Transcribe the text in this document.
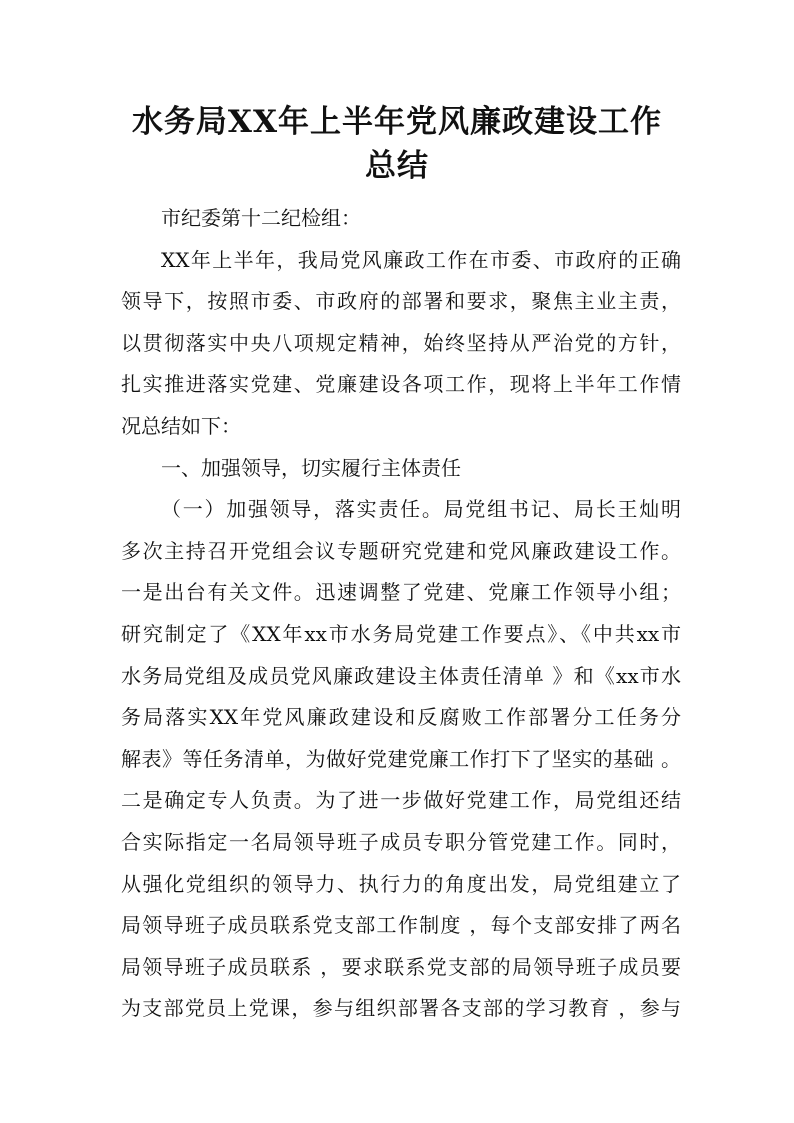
水务局XX年上半年党风廉政建设工作
总结

市纪委第十二纪检组：

XX年上半年，我局党风廉政工作在市委、市政府的正确

领导下，按照市委、市政府的部署和要求，聚焦主业主责，

以贯彻落实中央八项规定精神，始终坚持从严治党的方针，

扎实推进落实党建、党廉建设各项工作，现将上半年工作情

况总结如下：

一、加强领导，切实履行主体责任

（一）加强领导，落实责任。局党组书记、局长王灿明

多次主持召开党组会议专题研究党建和党风廉政建设工作。

一是出台有关文件。迅速调整了党建、党廉工作领导小组；

研究制定了《XX年xx市水务局党建工作要点》、《中共xx市

水务局党组及成员党风廉政建设主体责任清单 》和《xx市水

务局落实XX年党风廉政建设和反腐败工作部署分工任务分

解表》等任务清单，为做好党建党廉工作打下了坚实的基础 。

二是确定专人负责。为了进一步做好党建工作，局党组还结

合实际指定一名局领导班子成员专职分管党建工作。同时，

从强化党组织的领导力、执行力的角度出发，局党组建立了

局领导班子成员联系党支部工作制度 ，每个支部安排了两名

局领导班子成员联系 ，要求联系党支部的局领导班子成员要

为支部党员上党课，参与组织部署各支部的学习教育 ，参与
